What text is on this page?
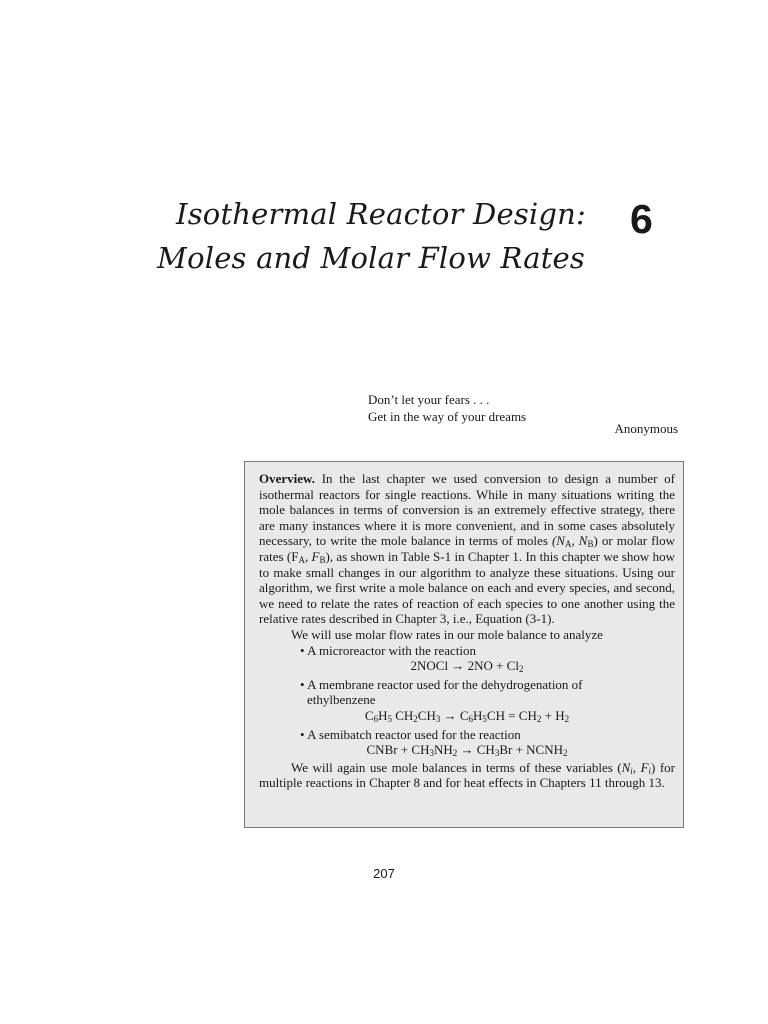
Isothermal Reactor Design:
Moles and Molar Flow Rates
6
Don’t let your fears . . .
Get in the way of your dreams
Anonymous

Overview. In the last chapter we used conversion to design a number of isothermal reactors for single reactions. While in many situations writing the mole balances in terms of conversion is an extremely effective strategy, there are many instances where it is more convenient, and in some cases absolutely necessary, to write the mole balance in terms of moles ($N_A$, $N_B$) or molar flow rates ($F_A$, $F_B$), as shown in Table S-1 in Chapter 1. In this chapter we show how to make small changes in our algorithm to analyze these situations. Using our algorithm, we first write a mole balance on each and every species, and second, we need to relate the rates of reaction of each species to one another using the relative rates described in Chapter 3, i.e., Equation (3-1).

We will use molar flow rates in our mole balance to analyze

• A microreactor with the reaction

2NOCl → $2NO + Cl_2$

• A membrane reactor used for the dehydrogenation of

ethylbenzene

$C_6H_5$ $CH_2CH_3 \to C_6H_5CH = CH_2 + H_2$

• A semibatch reactor used for the reaction

CNBr + $CH_3NH_2 \to CH_3Br$ + $NCNH_2$

We will again use mole balances in terms of these variables ($N_i$, $F_i$) for multiple reactions in Chapter 8 and for heat effects in Chapters 11 through 13.

207
